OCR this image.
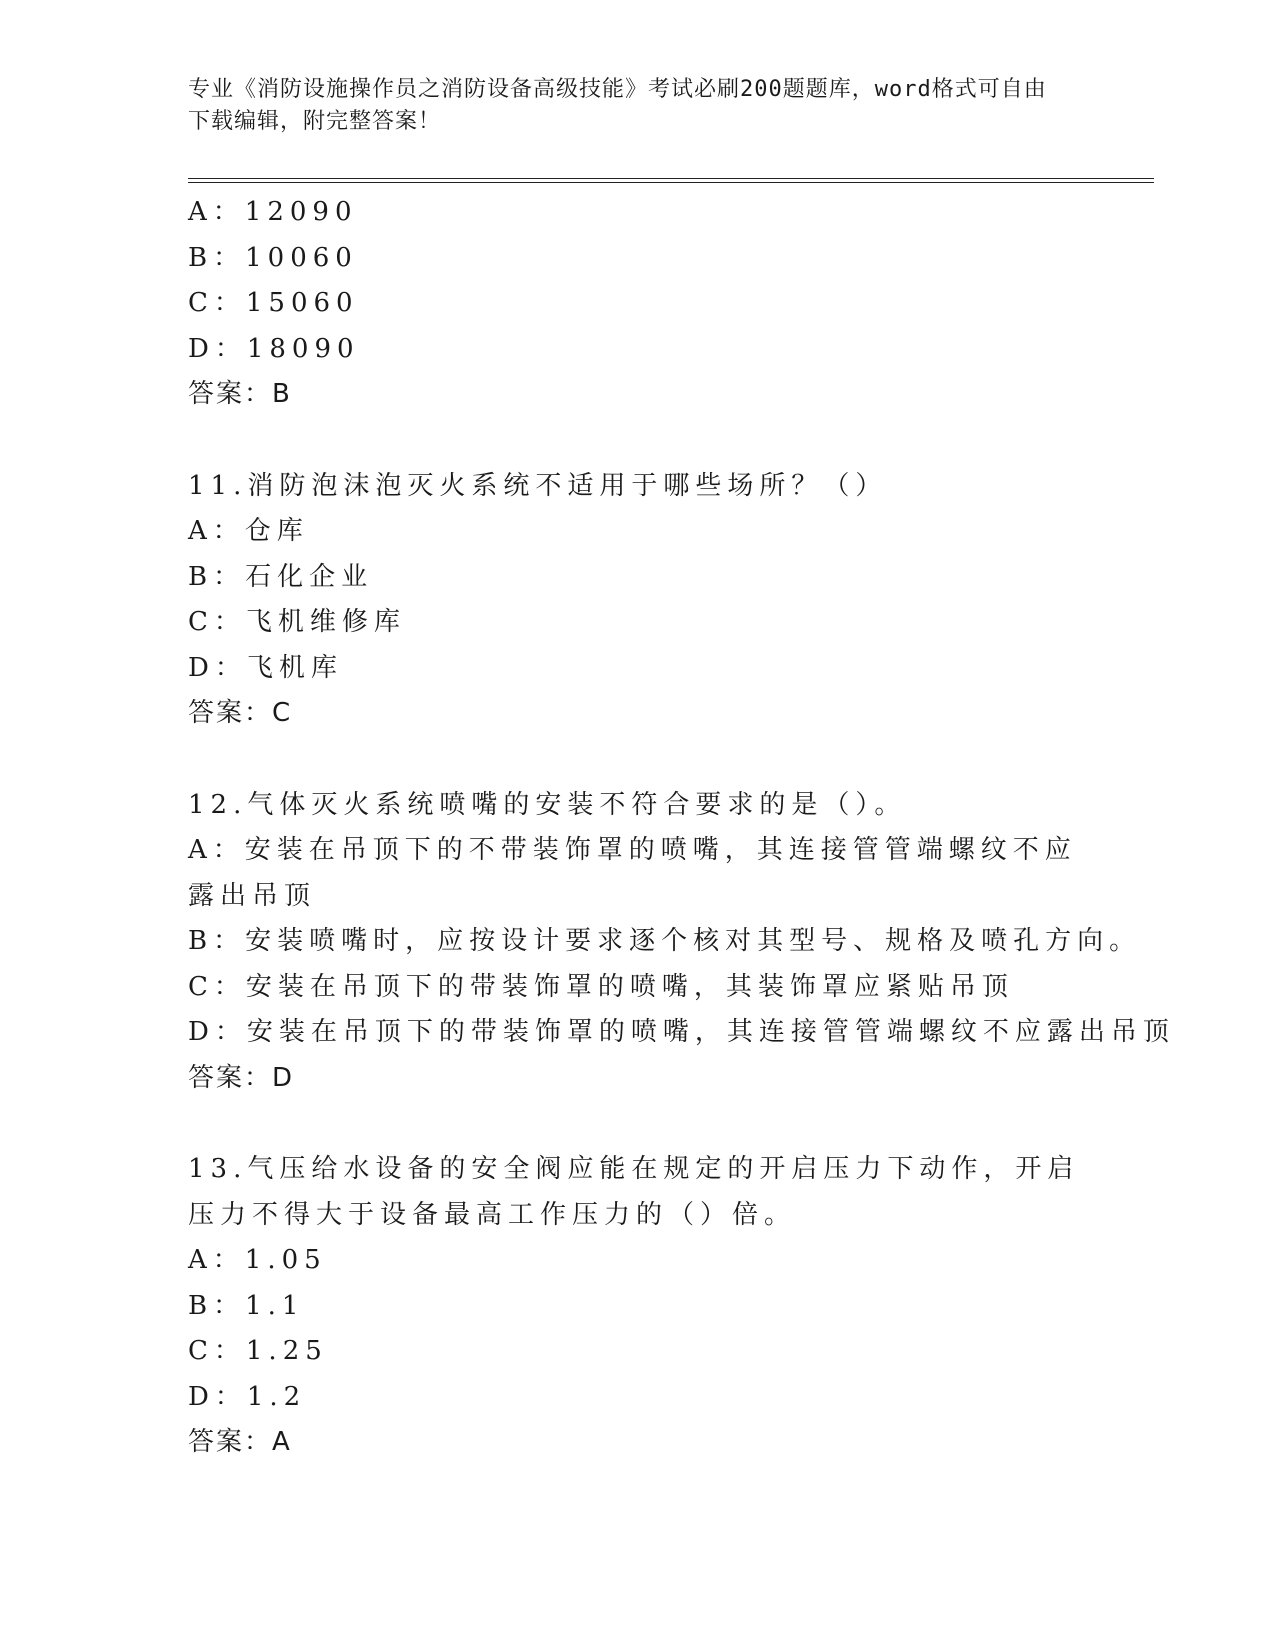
专业《消防设施操作员之消防设备高级技能》考试必刷200题题库，word格式可自由下载编辑，附完整答案！
A：12090
B：10060
C：15060
D：18090
答案：B
11.消防泡沫泡灭火系统不适用于哪些场所？（）
A：仓库
B：石化企业
C：飞机维修库
D：飞机库
答案：C
12.气体灭火系统喷嘴的安装不符合要求的是（）。
A：安装在吊顶下的不带装饰罩的喷嘴，其连接管管端螺纹不应露出吊顶
B：安装喷嘴时，应按设计要求逐个核对其型号、规格及喷孔方向。
C：安装在吊顶下的带装饰罩的喷嘴，其装饰罩应紧贴吊顶
D：安装在吊顶下的带装饰罩的喷嘴，其连接管管端螺纹不应露出吊顶
答案：D
13.气压给水设备的安全阀应能在规定的开启压力下动作，开启压力不得大于设备最高工作压力的（）倍。
A：1.05
B：1.1
C：1.25
D：1.2
答案：A
